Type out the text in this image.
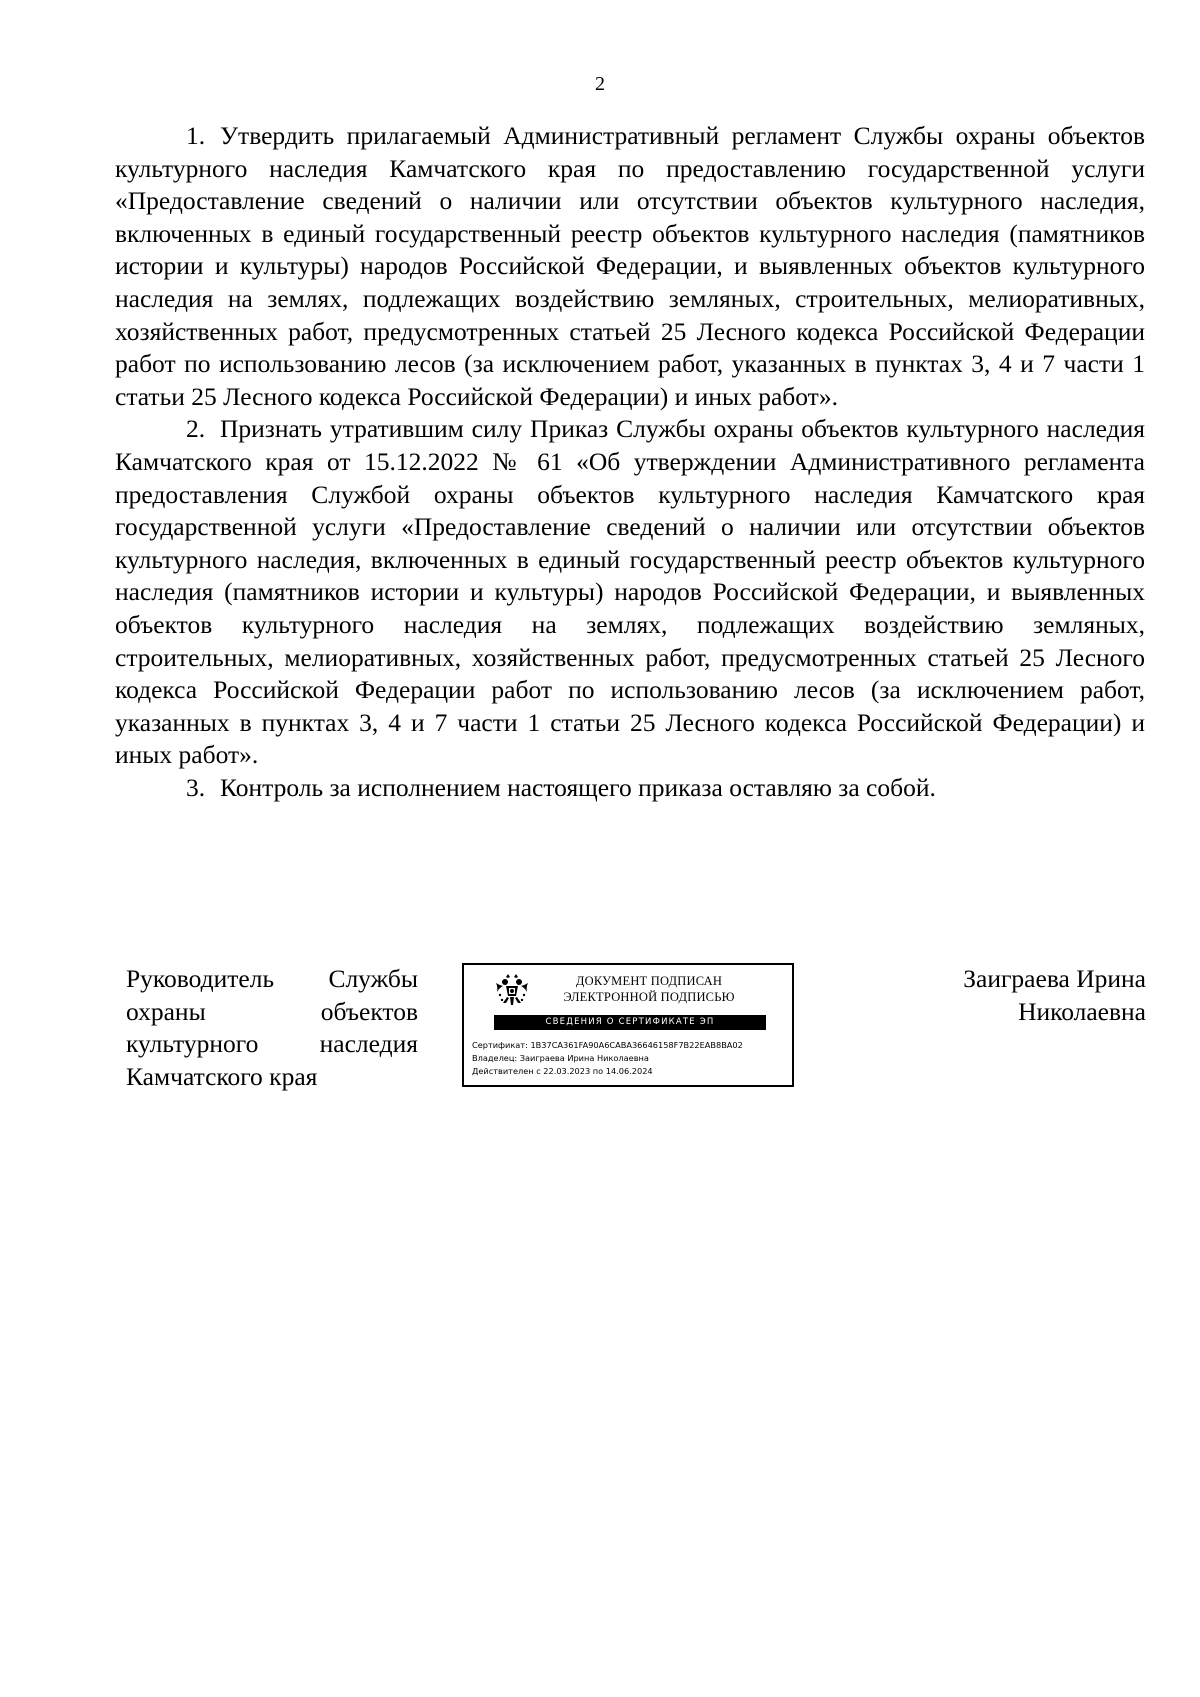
2

1. Утвердить прилагаемый Административный регламент Службы охраны объектов культурного наследия Камчатского края по предоставлению государственной услуги «Предоставление сведений о наличии или отсутствии объектов культурного наследия, включенных в единый государственный реестр объектов культурного наследия (памятников истории и культуры) народов Российской Федерации, и выявленных объектов культурного наследия на землях, подлежащих воздействию земляных, строительных, мелиоративных, хозяйственных работ, предусмотренных статьей 25 Лесного кодекса Российской Федерации работ по использованию лесов (за исключением работ, указанных в пунктах 3, 4 и 7 части 1 статьи 25 Лесного кодекса Российской Федерации) и иных работ».

2. Признать утратившим силу Приказ Службы охраны объектов культурного наследия Камчатского края от 15.12.2022 № 61 «Об утверждении Административного регламента предоставления Службой охраны объектов культурного наследия Камчатского края государственной услуги «Предоставление сведений о наличии или отсутствии объектов культурного наследия, включенных в единый государственный реестр объектов культурного наследия (памятников истории и культуры) народов Российской Федерации, и выявленных объектов культурного наследия на землях, подлежащих воздействию земляных, строительных, мелиоративных, хозяйственных работ, предусмотренных статьей 25 Лесного кодекса Российской Федерации работ по использованию лесов (за исключением работ, указанных в пунктах 3, 4 и 7 части 1 статьи 25 Лесного кодекса Российской Федерации) и иных работ».

3. Контроль за исполнением настоящего приказа оставляю за собой.

Руководитель Службы
охраны объектов
культурного наследия
Камчатского края
ДОКУМЕНТ ПОДПИСАН
ЭЛЕКТРОННОЙ ПОДПИСЬЮ
СВЕДЕНИЯ О СЕРТИФИКАТЕ ЭП
Сертификат: 1B37CA361FA90A6CABA36646158F7B22EAB8BA02
Владелец: Заиграева Ирина Николаевна
Действителен с 22.03.2023 по 14.06.2024
Заиграева Ирина
Николаевна
